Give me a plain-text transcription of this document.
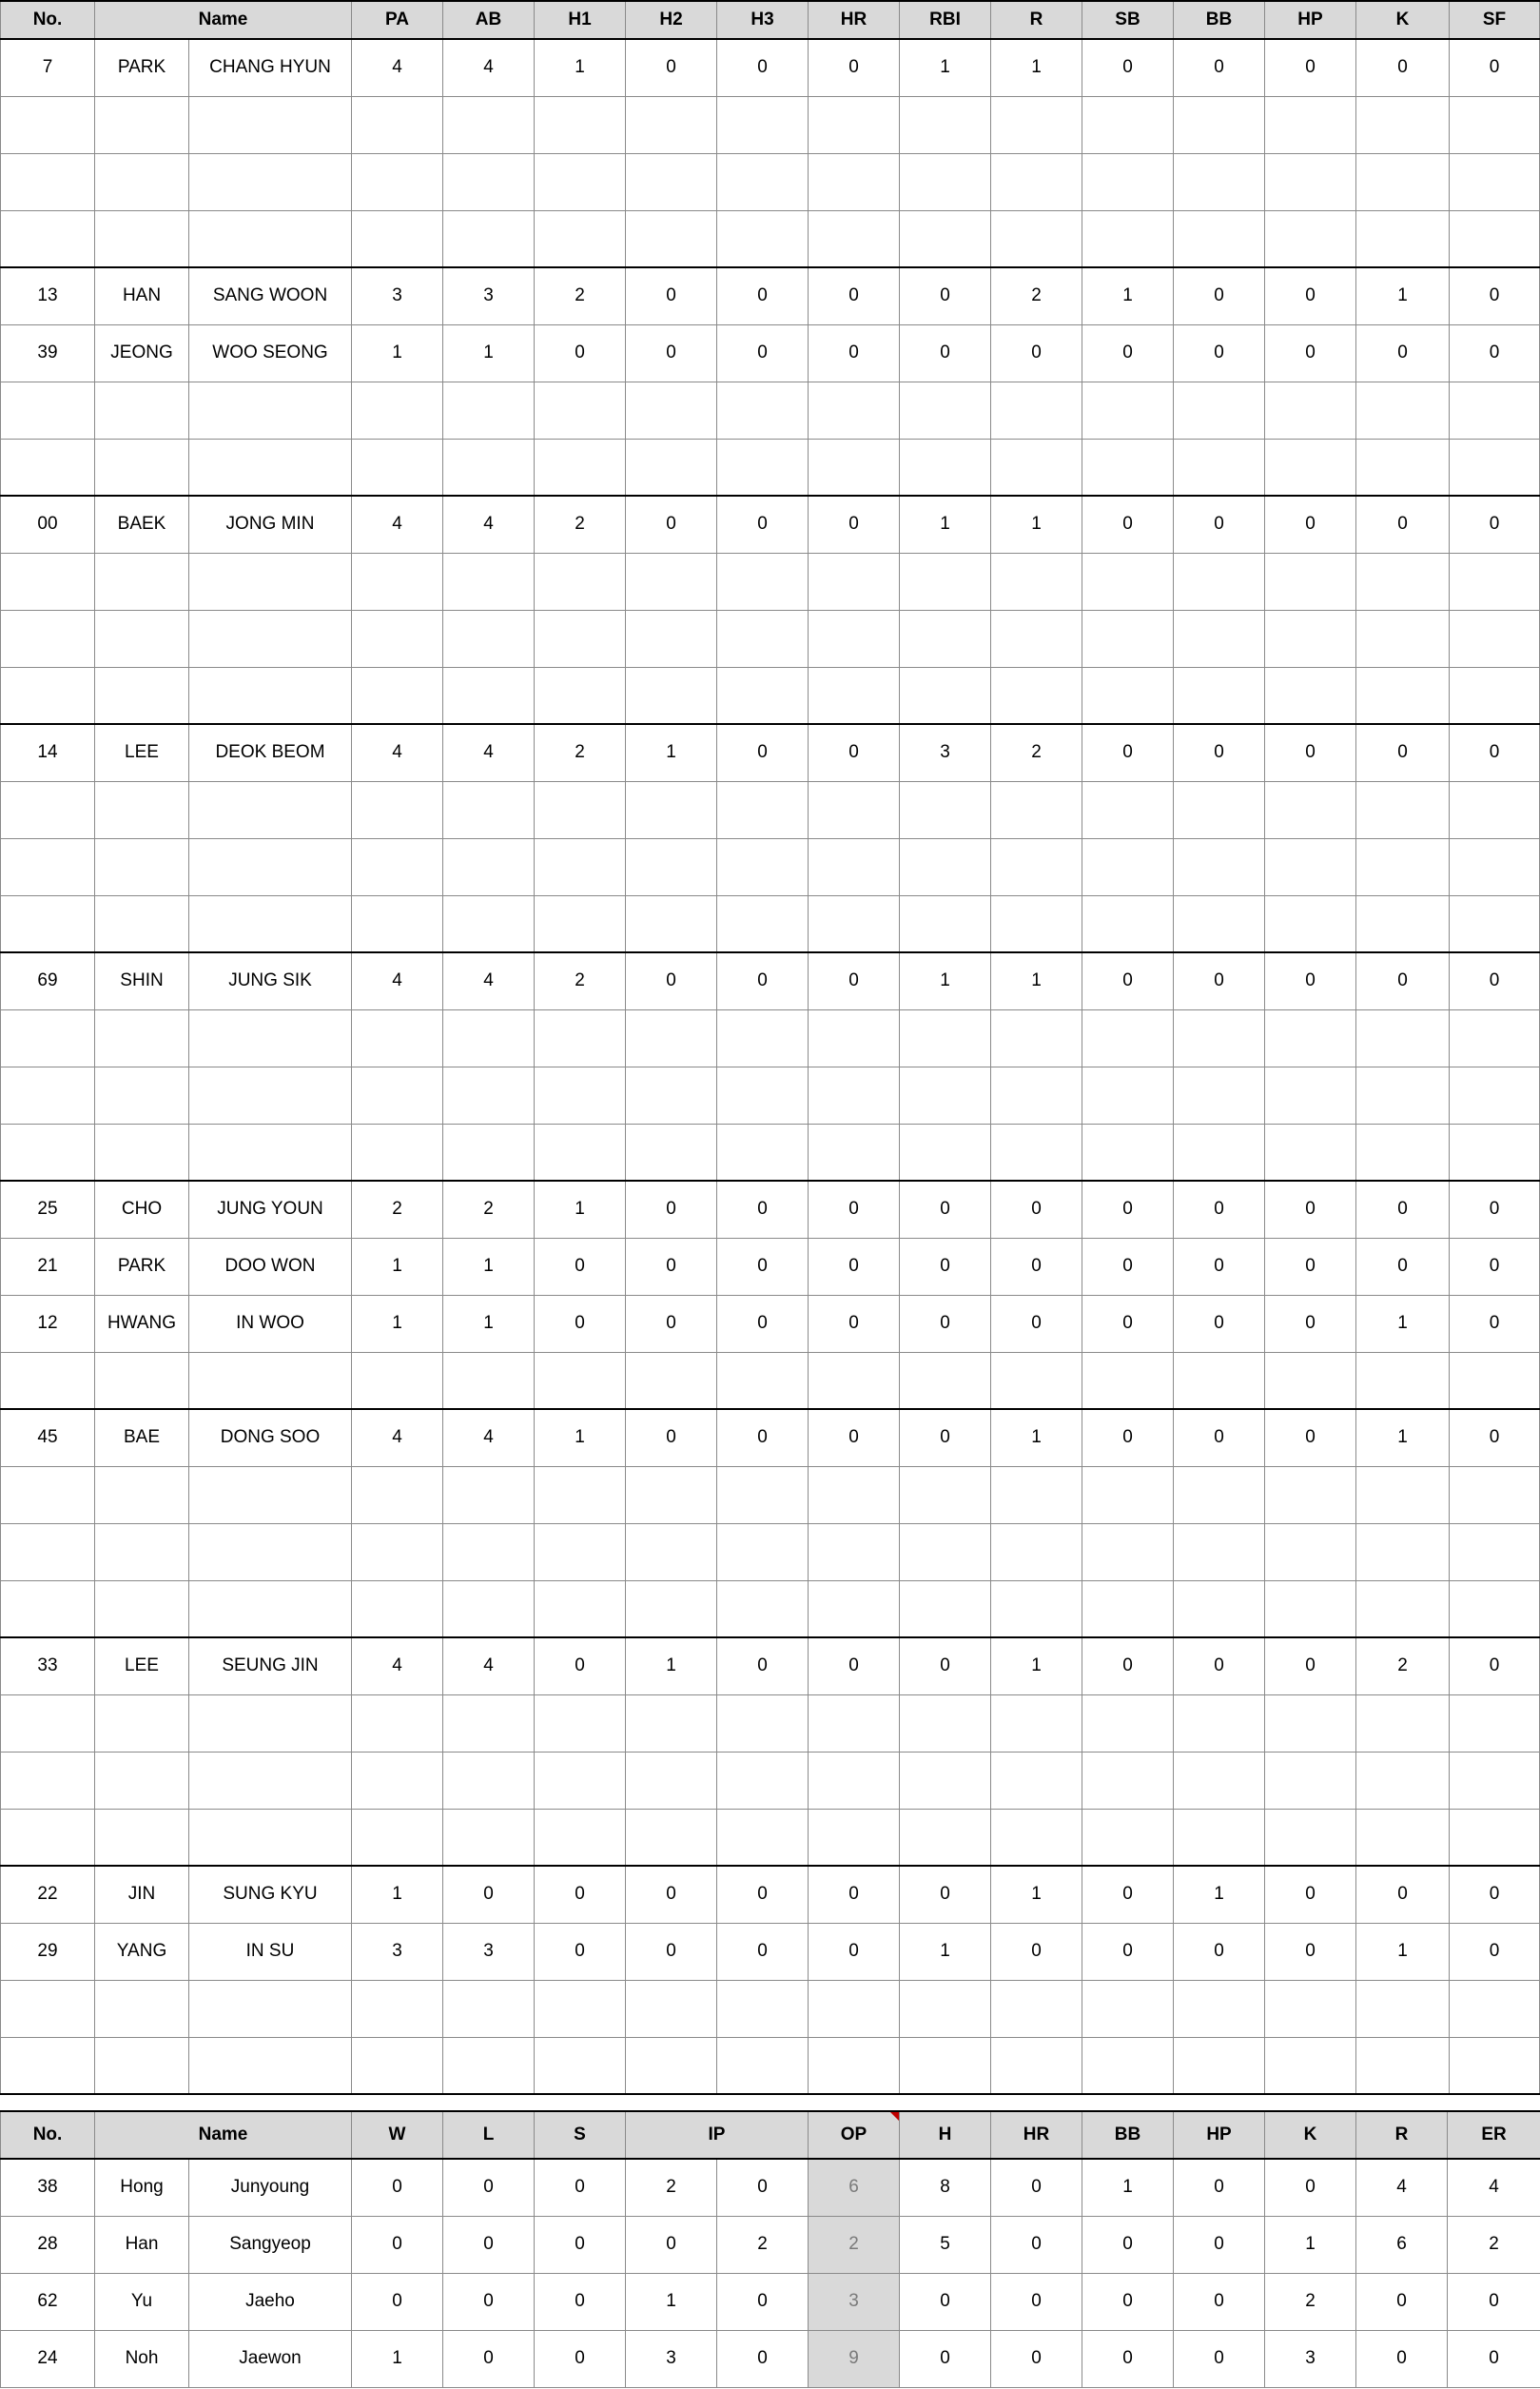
No.	Name		PA	AB	H1	H2	H3	HR	RBI	R	SB	BB	HP	K	SF
7	PARK	CHANG HYUN	4	4	1	0	0	0	1	1	0	0	0	0	0

13	HAN	SANG WOON	3	3	2	0	0	0	0	2	1	0	0	1	0
39	JEONG	WOO SEONG	1	1	0	0	0	0	0	0	0	0	0	0	0

00	BAEK	JONG MIN	4	4	2	0	0	0	1	1	0	0	0	0	0

14	LEE	DEOK BEOM	4	4	2	1	0	0	3	2	0	0	0	0	0

69	SHIN	JUNG SIK	4	4	2	0	0	0	1	1	0	0	0	0	0

25	CHO	JUNG YOUN	2	2	1	0	0	0	0	0	0	0	0	0	0
21	PARK	DOO WON	1	1	0	0	0	0	0	0	0	0	0	0	0
12	HWANG	IN WOO	1	1	0	0	0	0	0	0	0	0	0	1	0

45	BAE	DONG SOO	4	4	1	0	0	0	0	1	0	0	0	1	0

33	LEE	SEUNG JIN	4	4	0	1	0	0	0	1	0	0	0	2	0

22	JIN	SUNG KYU	1	0	0	0	0	0	0	1	0	1	0	0	0
29	YANG	IN SU	3	3	0	0	0	0	1	0	0	0	0	1	0

No.	Name		W	L	S	IP		OP	H	HR	BB	HP	K	R	ER
38	Hong	Junyoung	0	0	0	2	0	6	8	0	1	0	0	4	4
28	Han	Sangyeop	0	0	0	0	2	2	5	0	0	0	1	6	2
62	Yu	Jaeho	0	0	0	1	0	3	0	0	0	0	2	0	0
24	Noh	Jaewon	1	0	0	3	0	9	0	0	0	0	3	0	0
